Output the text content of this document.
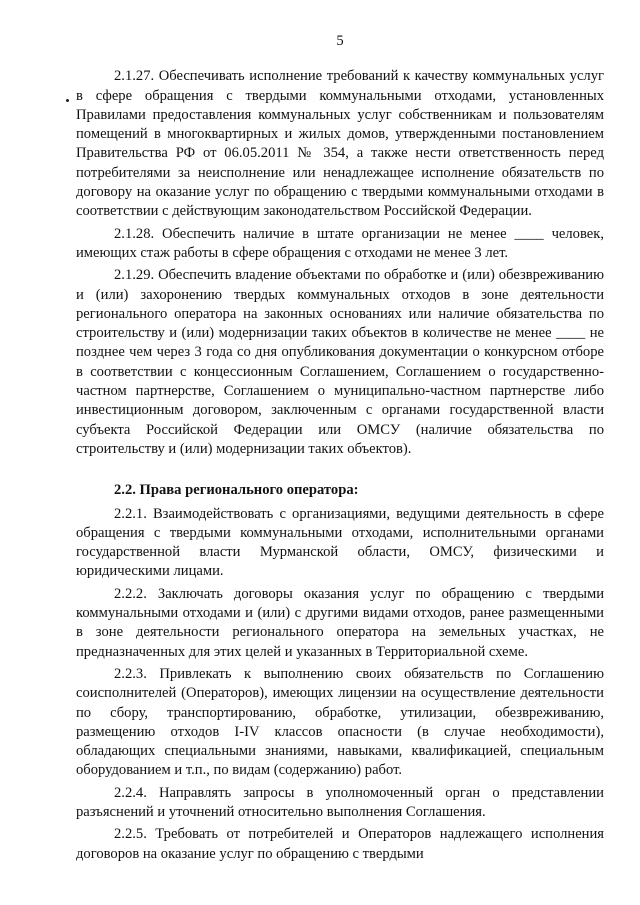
5

2.1.27. Обеспечивать исполнение требований к качеству коммунальных услуг в сфере обращения с твердыми коммунальными отходами, установленных Правилами предоставления коммунальных услуг собственникам и пользователям помещений в многоквартирных и жилых домов, утвержденными постановлением Правительства РФ от 06.05.2011 № 354, а также нести ответственность перед потребителями за неисполнение или ненадлежащее исполнение обязательств по договору на оказание услуг по обращению с твердыми коммунальными отходами в соответствии с действующим законодательством Российской Федерации.

2.1.28. Обеспечить наличие в штате организации не менее ____ человек, имеющих стаж работы в сфере обращения с отходами не менее 3 лет.

2.1.29. Обеспечить владение объектами по обработке и (или) обезвреживанию и (или) захоронению твердых коммунальных отходов в зоне деятельности регионального оператора на законных основаниях или наличие обязательства по строительству и (или) модернизации таких объектов в количестве не менее ____ не позднее чем через 3 года со дня опубликования документации о конкурсном отборе в соответствии с концессионным Соглашением, Соглашением о государственно-частном партнерстве, Соглашением о муниципально-частном партнерстве либо инвестиционным договором, заключенным с органами государственной власти субъекта Российской Федерации или ОМСУ (наличие обязательства по строительству и (или) модернизации таких объектов).

2.2. Права регионального оператора:

2.2.1. Взаимодействовать с организациями, ведущими деятельность в сфере обращения с твердыми коммунальными отходами, исполнительными органами государственной власти Мурманской области, ОМСУ, физическими и юридическими лицами.

2.2.2. Заключать договоры оказания услуг по обращению с твердыми коммунальными отходами и (или) с другими видами отходов, ранее размещенными в зоне деятельности регионального оператора на земельных участках, не предназначенных для этих целей и указанных в Территориальной схеме.

2.2.3. Привлекать к выполнению своих обязательств по Соглашению соисполнителей (Операторов), имеющих лицензии на осуществление деятельности по сбору, транспортированию, обработке, утилизации, обезвреживанию, размещению отходов I-IV классов опасности (в случае необходимости), обладающих специальными знаниями, навыками, квалификацией, специальным оборудованием и т.п., по видам (содержанию) работ.

2.2.4. Направлять запросы в уполномоченный орган о представлении разъяснений и уточнений относительно выполнения Соглашения.

2.2.5. Требовать от потребителей и Операторов надлежащего исполнения договоров на оказание услуг по обращению с твердыми
